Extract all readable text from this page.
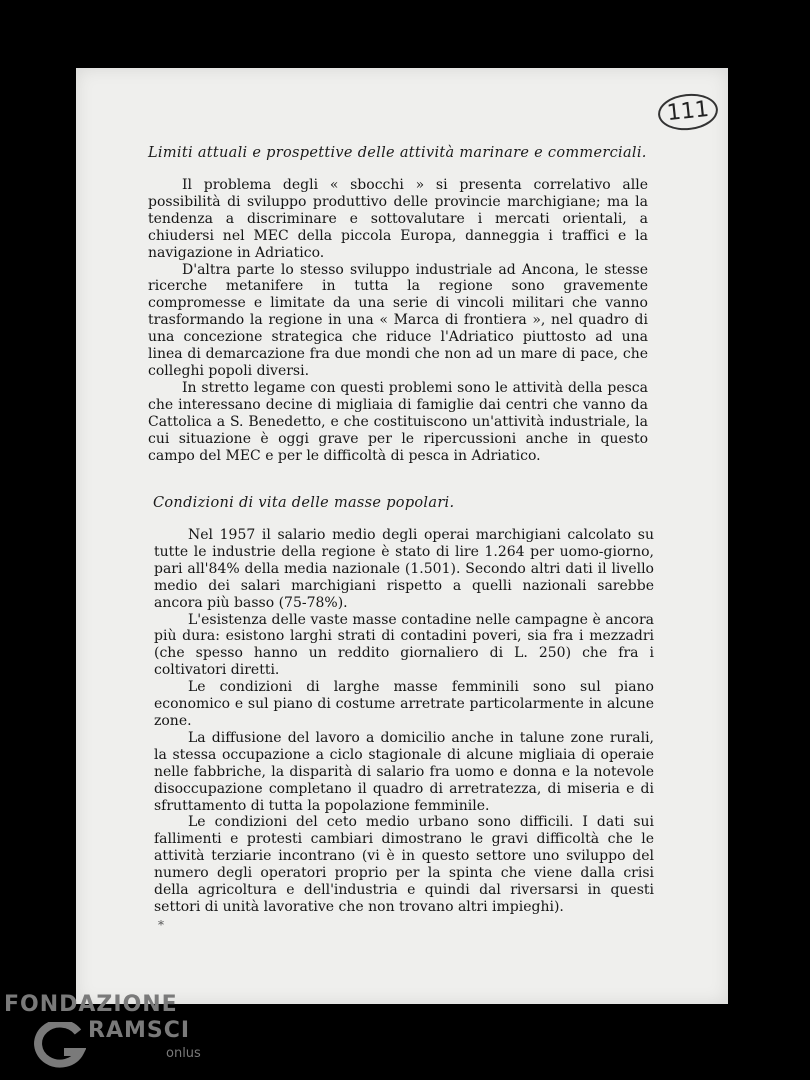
111
Limiti attuali e prospettive delle attività marinare e commerciali.

Il problema degli « sbocchi » si presenta correlativo alle possibilità di sviluppo produttivo delle provincie marchigiane; ma la tendenza a discriminare e sottovalutare i mercati orientali, a chiudersi nel MEC della piccola Europa, danneggia i traffici e la navigazione in Adriatico.

D'altra parte lo stesso sviluppo industriale ad Ancona, le stesse ricerche metanifere in tutta la regione sono gravemente compromesse e limitate da una serie di vincoli militari che vanno trasformando la regione in una « Marca di frontiera », nel quadro di una concezione strategica che riduce l'Adriatico piuttosto ad una linea di demarcazione fra due mondi che non ad un mare di pace, che colleghi popoli diversi.

In stretto legame con questi problemi sono le attività della pesca che interessano decine di migliaia di famiglie dai centri che vanno da Cattolica a S. Benedetto, e che costituiscono un'attività industriale, la cui situazione è oggi grave per le ripercussioni anche in questo campo del MEC e per le difficoltà di pesca in Adriatico.

Condizioni di vita delle masse popolari.

Nel 1957 il salario medio degli operai marchigiani calcolato su tutte le industrie della regione è stato di lire 1.264 per uomo-giorno, pari all'84% della media nazionale (1.501). Secondo altri dati il livello medio dei salari marchigiani rispetto a quelli nazionali sarebbe ancora più basso (75-78%).

L'esistenza delle vaste masse contadine nelle campagne è ancora più dura: esistono larghi strati di contadini poveri, sia fra i mezzadri (che spesso hanno un reddito giornaliero di L. 250) che fra i coltivatori diretti.

Le condizioni di larghe masse femminili sono sul piano economico e sul piano di costume arretrate particolarmente in alcune zone.

La diffusione del lavoro a domicilio anche in talune zone rurali, la stessa occupazione a ciclo stagionale di alcune migliaia di operaie nelle fabbriche, la disparità di salario fra uomo e donna e la notevole disoccupazione completano il quadro di arretratezza, di miseria e di sfruttamento di tutta la popolazione femminile.

Le condizioni del ceto medio urbano sono difficili. I dati sui fallimenti e protesti cambiari dimostrano le gravi difficoltà che le attività terziarie incontrano (vi è in questo settore uno sviluppo del numero degli operatori proprio per la spinta che viene dalla crisi della agricoltura e dell'industria e quindi dal riversarsi in questi settori di unità lavorative che non trovano altri impieghi).

*
FONDAZIONE
RAMSCI
onlus
